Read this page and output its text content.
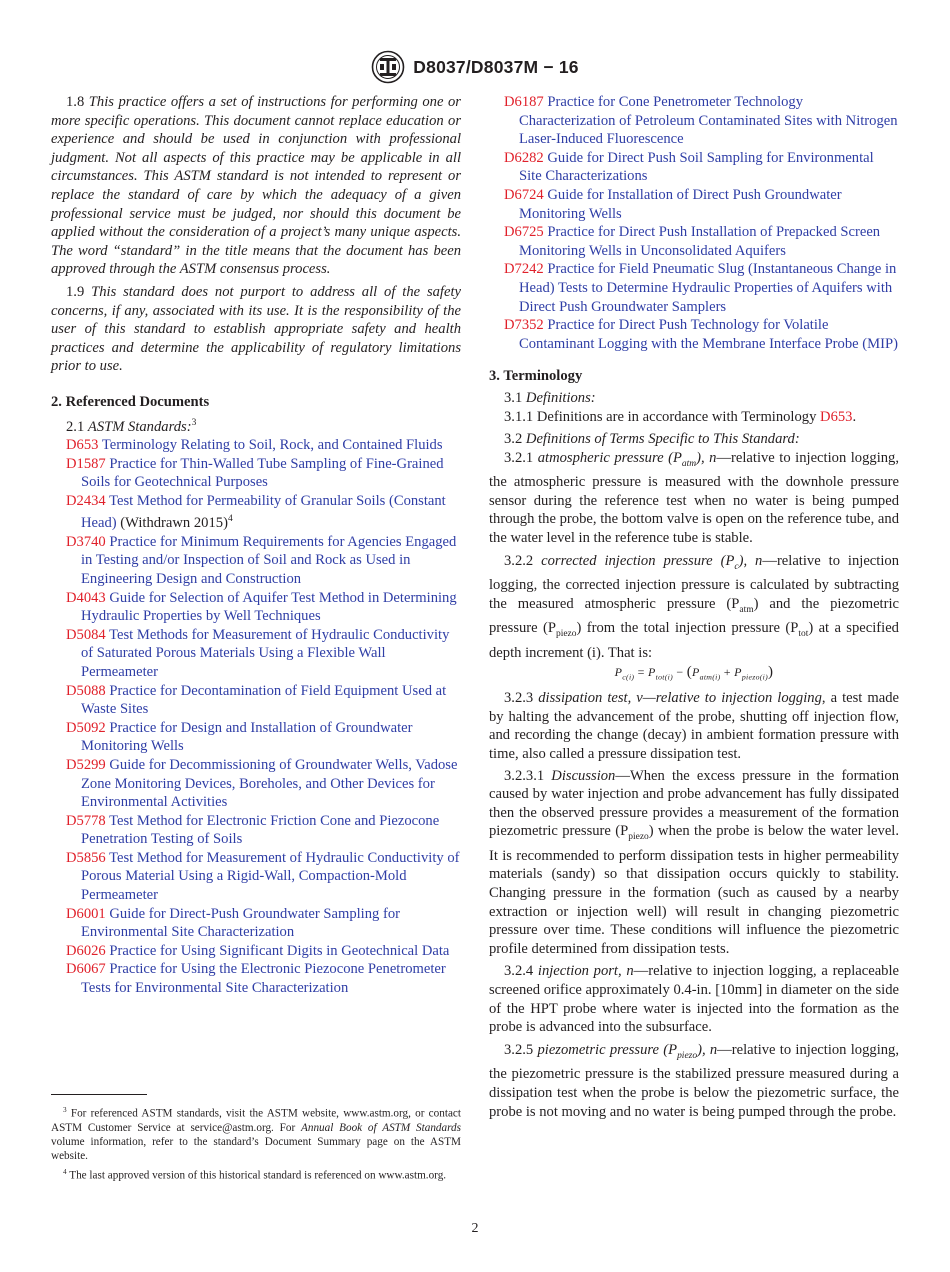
D8037/D8037M − 16

1.8 This practice offers a set of instructions for performing one or more specific operations. This document cannot replace education or experience and should be used in conjunction with professional judgment. Not all aspects of this practice may be applicable in all circumstances. This ASTM standard is not intended to represent or replace the standard of care by which the adequacy of a given professional service must be judged, nor should this document be applied without the consideration of a project’s many unique aspects. The word “standard” in the title means that the document has been approved through the ASTM consensus process.

1.9 This standard does not purport to address all of the safety concerns, if any, associated with its use. It is the responsibility of the user of this standard to establish appropriate safety and health practices and determine the applicability of regulatory limitations prior to use.

2. Referenced Documents

2.1 ASTM Standards:$^3$

D653 Terminology Relating to Soil, Rock, and Contained Fluids

D1587 Practice for Thin-Walled Tube Sampling of Fine-Grained Soils for Geotechnical Purposes

D2434 Test Method for Permeability of Granular Soils (Constant Head) (Withdrawn 2015)$^4$

D3740 Practice for Minimum Requirements for Agencies Engaged in Testing and/or Inspection of Soil and Rock as Used in Engineering Design and Construction

D4043 Guide for Selection of Aquifer Test Method in Determining Hydraulic Properties by Well Techniques

D5084 Test Methods for Measurement of Hydraulic Conductivity of Saturated Porous Materials Using a Flexible Wall Permeameter

D5088 Practice for Decontamination of Field Equipment Used at Waste Sites

D5092 Practice for Design and Installation of Groundwater Monitoring Wells

D5299 Guide for Decommissioning of Groundwater Wells, Vadose Zone Monitoring Devices, Boreholes, and Other Devices for Environmental Activities

D5778 Test Method for Electronic Friction Cone and Piezocone Penetration Testing of Soils

D5856 Test Method for Measurement of Hydraulic Conductivity of Porous Material Using a Rigid-Wall, Compaction-Mold Permeameter

D6001 Guide for Direct-Push Groundwater Sampling for Environmental Site Characterization

D6026 Practice for Using Significant Digits in Geotechnical Data

D6067 Practice for Using the Electronic Piezocone Penetrometer Tests for Environmental Site Characterization

D6187 Practice for Cone Penetrometer Technology Characterization of Petroleum Contaminated Sites with Nitrogen Laser-Induced Fluorescence

D6282 Guide for Direct Push Soil Sampling for Environmental Site Characterizations

D6724 Guide for Installation of Direct Push Groundwater Monitoring Wells

D6725 Practice for Direct Push Installation of Prepacked Screen Monitoring Wells in Unconsolidated Aquifers

D7242 Practice for Field Pneumatic Slug (Instantaneous Change in Head) Tests to Determine Hydraulic Properties of Aquifers with Direct Push Groundwater Samplers

D7352 Practice for Direct Push Technology for Volatile Contaminant Logging with the Membrane Interface Probe (MIP)

3. Terminology

3.1 Definitions:

3.1.1 Definitions are in accordance with Terminology D653.

3.2 Definitions of Terms Specific to This Standard:

3.2.1 atmospheric pressure $(P_{atm})$, n—relative to injection logging, the atmospheric pressure is measured with the downhole pressure sensor during the reference test when no water is being pumped through the probe, the bottom valve is open on the reference tube, and the water level in the reference tube is stable.

3.2.2 corrected injection pressure $(P_c)$, n—relative to injection logging, the corrected injection pressure is calculated by subtracting the measured atmospheric pressure $(P_{atm})$ and the piezometric pressure $(P_{piezo})$ from the total injection pressure $(P_{tot})$ at a specified depth increment (i). That is:

$P_{c(i)} = P_{tot(i)} - (P_{atm(i)} + P_{piezo(i)})$

3.2.3 dissipation test, v—relative to injection logging, a test made by halting the advancement of the probe, shutting off injection flow, and recording the change (decay) in ambient formation pressure with time, also called a pressure dissipation test.

3.2.3.1 Discussion—When the excess pressure in the formation caused by water injection and probe advancement has fully dissipated then the observed pressure provides a measurement of the formation piezometric pressure $(P_{piezo})$ when the probe is below the water level. It is recommended to perform dissipation tests in higher permeability materials (sandy) so that dissipation occurs quickly to stability. Changing pressure in the formation (such as caused by a nearby extraction or injection well) will result in changing piezometric pressure over time. These conditions will influence the piezometric profile determined from dissipation tests.

3.2.4 injection port, n—relative to injection logging, a replaceable screened orifice approximately 0.4-in. [10mm] in diameter on the side of the HPT probe where water is injected into the formation as the probe is advanced into the subsurface.

3.2.5 piezometric pressure $(P_{piezo})$, n—relative to injection logging, the piezometric pressure is the stabilized pressure measured during a dissipation test when the probe is below the piezometric surface, the probe is not moving and no water is being pumped through the probe.

$^3$ For referenced ASTM standards, visit the ASTM website, www.astm.org, or contact ASTM Customer Service at service@astm.org. For Annual Book of ASTM Standards volume information, refer to the standard’s Document Summary page on the ASTM website.

$^4$ The last approved version of this historical standard is referenced on www.astm.org.

2
